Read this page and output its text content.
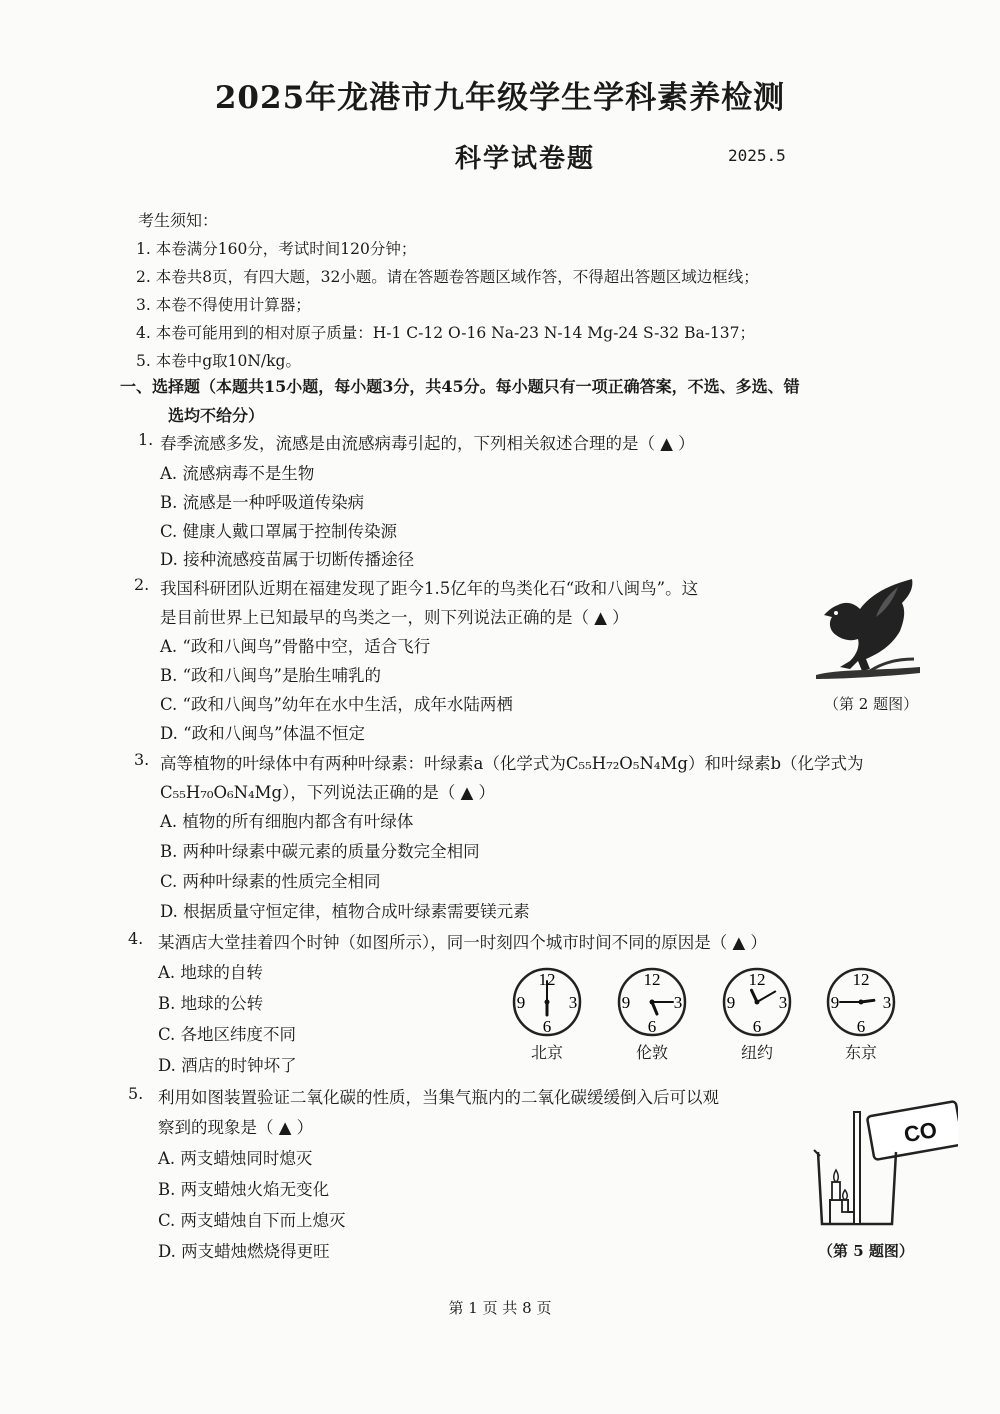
2025年龙港市九年级学生学科素养检测
科学试卷题	2025.5
考生须知：
1. 本卷满分160分，考试时间120分钟；
2. 本卷共8页，有四大题，32小题。请在答题卷答题区域作答，不得超出答题区域边框线；
3. 本卷不得使用计算器；
4. 本卷可能用到的相对原子质量：H-1 C-12 O-16 Na-23 N-14 Mg-24 S-32 Ba-137；
5. 本卷中g取10N/kg。
一、选择题（本题共15小题，每小题3分，共45分。每小题只有一项正确答案，不选、多选、错
选均不给分）
1. 春季流感多发，流感是由流感病毒引起的，下列相关叙述合理的是（ ▲ ）
A. 流感病毒不是生物
B. 流感是一种呼吸道传染病
C. 健康人戴口罩属于控制传染源
D. 接种流感疫苗属于切断传播途径
2. 我国科研团队近期在福建发现了距今1.5亿年的鸟类化石“政和八闽鸟”。这
是目前世界上已知最早的鸟类之一，则下列说法正确的是（ ▲ ）
A. “政和八闽鸟”骨骼中空，适合飞行
B. “政和八闽鸟”是胎生哺乳的
C. “政和八闽鸟”幼年在水中生活，成年水陆两栖
D. “政和八闽鸟”体温不恒定
（第 2 题图）
3. 高等植物的叶绿体中有两种叶绿素：叶绿素a（化学式为C₅₅H₇₂O₅N₄Mg）和叶绿素b（化学式为
C₅₅H₇₀O₆N₄Mg），下列说法正确的是（ ▲ ）
A. 植物的所有细胞内都含有叶绿体
B. 两种叶绿素中碳元素的质量分数完全相同
C. 两种叶绿素的性质完全相同
D. 根据质量守恒定律，植物合成叶绿素需要镁元素
4. 某酒店大堂挂着四个时钟（如图所示），同一时刻四个城市时间不同的原因是（ ▲ ）
A. 地球的自转
B. 地球的公转
C. 各地区纬度不同
D. 酒店的时钟坏了
12
3
6
9
北京
12
3
6
9
伦敦
12
3
6
9
纽约
12
3
6
9
东京
5. 利用如图装置验证二氧化碳的性质，当集气瓶内的二氧化碳缓缓倒入后可以观
察到的现象是（ ▲ ）
A. 两支蜡烛同时熄灭
B. 两支蜡烛火焰无变化
C. 两支蜡烛自下而上熄灭
D. 两支蜡烛燃烧得更旺
CO
（第 5 题图）
第 1 页 共 8 页
